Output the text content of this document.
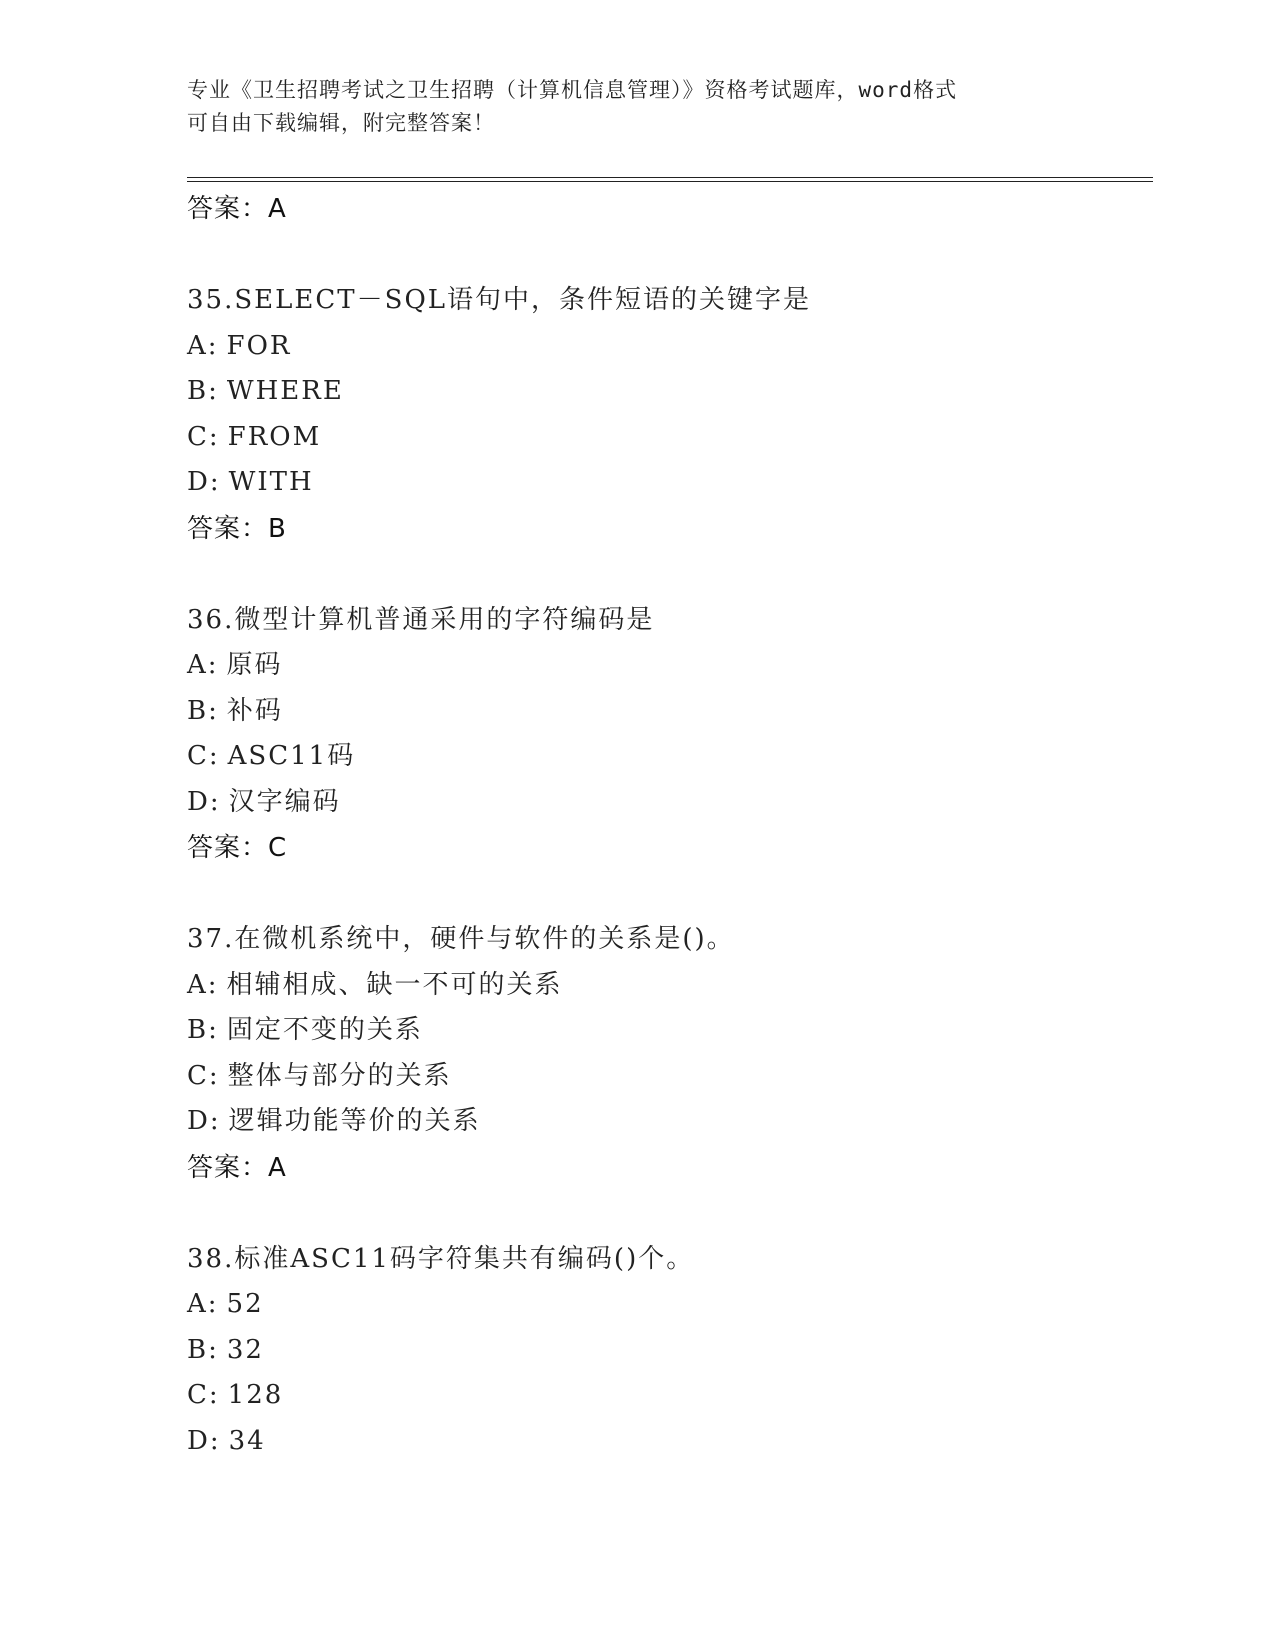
专业《卫生招聘考试之卫生招聘（计算机信息管理）》资格考试题库，word格式
可自由下载编辑，附完整答案！
答案：A
35.SELECT－SQL语句中，条件短语的关键字是
A: FOR
B: WHERE
C: FROM
D: WITH
答案：B
36.微型计算机普通采用的字符编码是
A: 原码
B: 补码
C: ASC11码
D: 汉字编码
答案：C
37.在微机系统中，硬件与软件的关系是()。
A: 相辅相成、缺一不可的关系
B: 固定不变的关系
C: 整体与部分的关系
D: 逻辑功能等价的关系
答案：A
38.标准ASC11码字符集共有编码()个。
A: 52
B: 32
C: 128
D: 34
